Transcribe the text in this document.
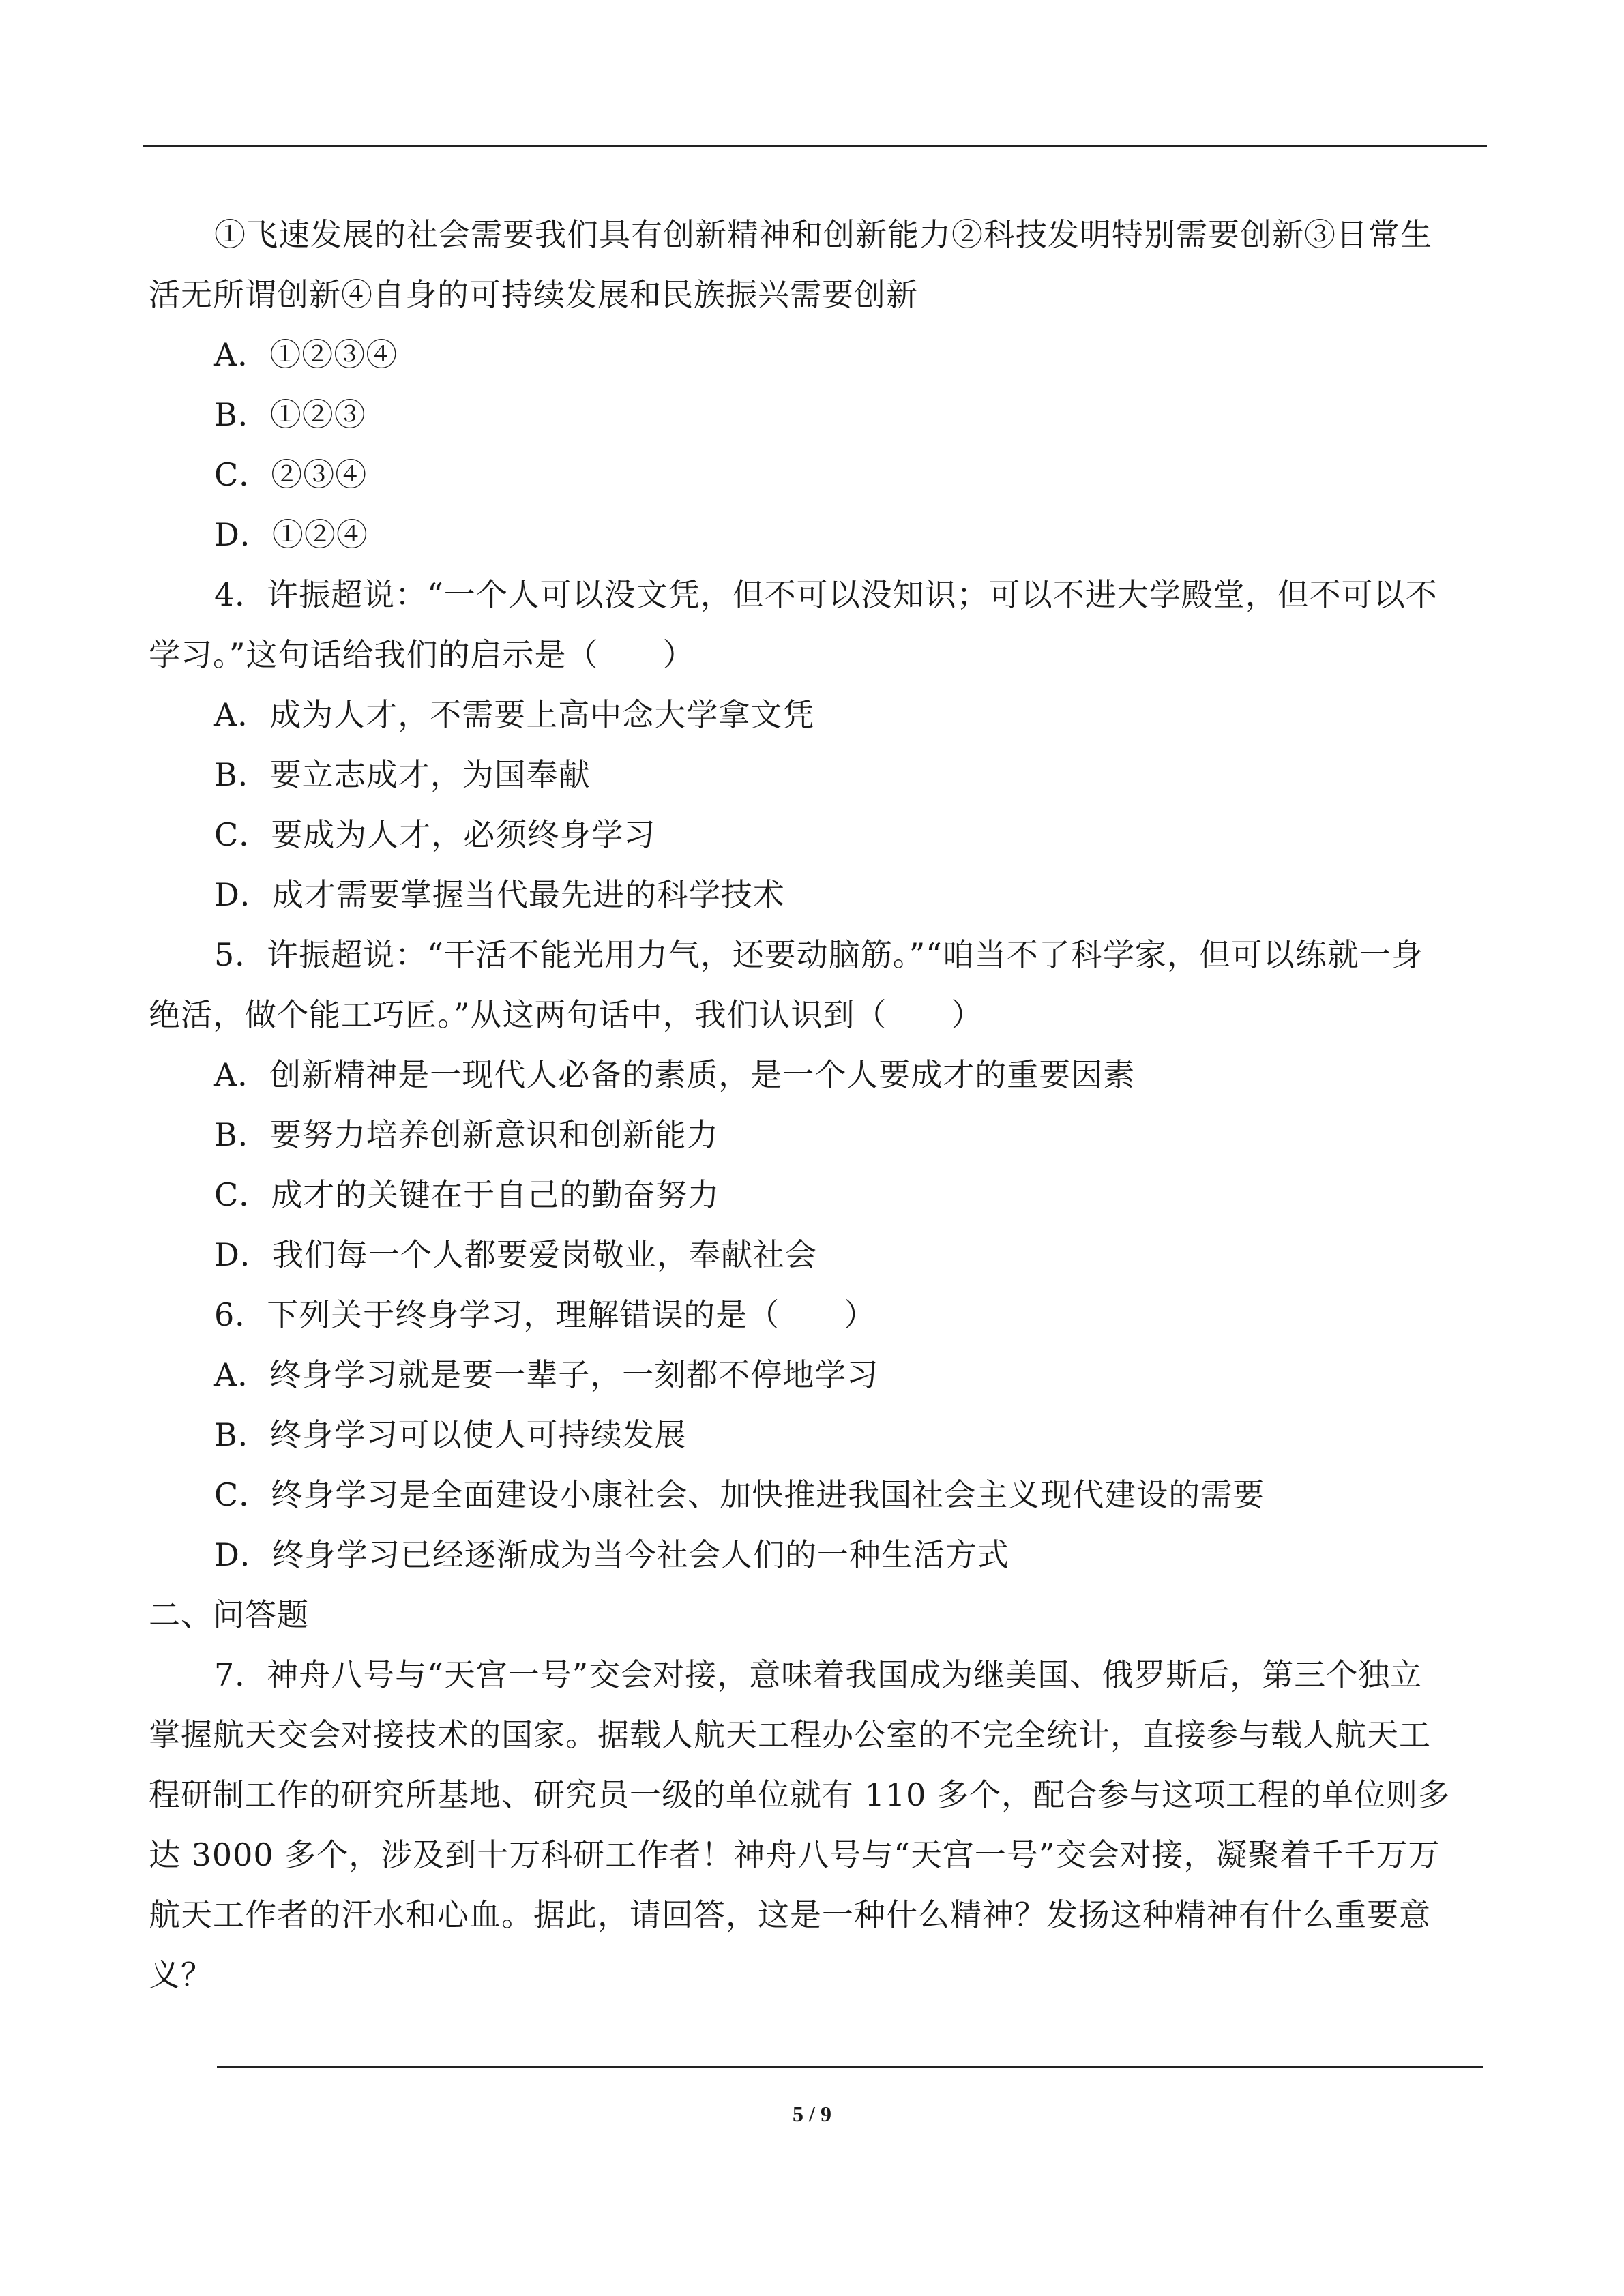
①飞速发展的社会需要我们具有创新精神和创新能力②科技发明特别需要创新③日常生
活无所谓创新④自身的可持续发展和民族振兴需要创新
A．①②③④
B．①②③
C．②③④
D．①②④
4．许振超说：“一个人可以没文凭，但不可以没知识；可以不进大学殿堂，但不可以不
学习。”这句话给我们的启示是（　　）
A．成为人才，不需要上高中念大学拿文凭
B．要立志成才，为国奉献
C．要成为人才，必须终身学习
D．成才需要掌握当代最先进的科学技术
5．许振超说：“干活不能光用力气，还要动脑筋。”“咱当不了科学家，但可以练就一身
绝活，做个能工巧匠。”从这两句话中，我们认识到（　　）
A．创新精神是一现代人必备的素质，是一个人要成才的重要因素
B．要努力培养创新意识和创新能力
C．成才的关键在于自己的勤奋努力
D．我们每一个人都要爱岗敬业，奉献社会
6．下列关于终身学习，理解错误的是（　　）
A．终身学习就是要一辈子，一刻都不停地学习
B．终身学习可以使人可持续发展
C．终身学习是全面建设小康社会、加快推进我国社会主义现代建设的需要
D．终身学习已经逐渐成为当今社会人们的一种生活方式
二、问答题
7．神舟八号与“天宫一号”交会对接，意味着我国成为继美国、俄罗斯后，第三个独立
掌握航天交会对接技术的国家。据载人航天工程办公室的不完全统计，直接参与载人航天工
程研制工作的研究所基地、研究员一级的单位就有 110 多个，配合参与这项工程的单位则多
达 3000 多个，涉及到十万科研工作者！神舟八号与“天宫一号”交会对接，凝聚着千千万万
航天工作者的汗水和心血。据此，请回答，这是一种什么精神？发扬这种精神有什么重要意
义？
5 / 9
